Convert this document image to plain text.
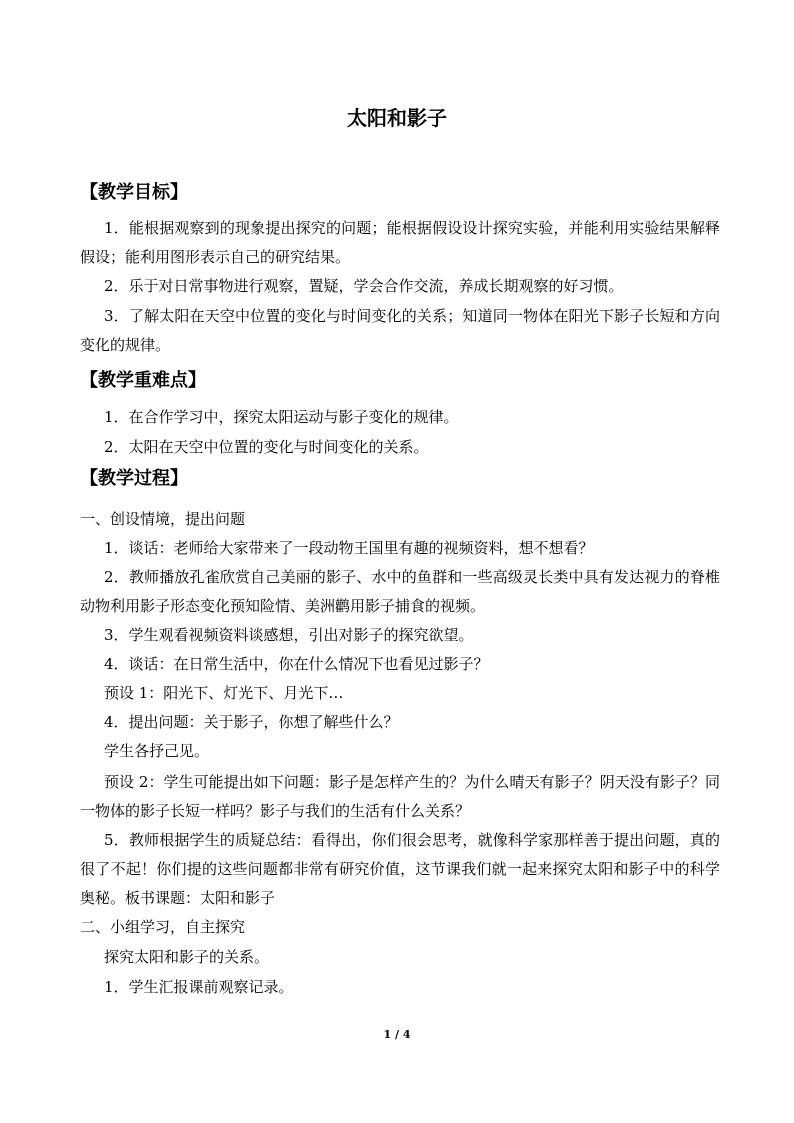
太阳和影子
【教学目标】
1．能根据观察到的现象提出探究的问题；能根据假设设计探究实验，并能利用实验结果解释假设；能利用图形表示自己的研究结果。
2．乐于对日常事物进行观察，置疑，学会合作交流，养成长期观察的好习惯。
3．了解太阳在天空中位置的变化与时间变化的关系；知道同一物体在阳光下影子长短和方向变化的规律。
【教学重难点】
1．在合作学习中，探究太阳运动与影子变化的规律。
2．太阳在天空中位置的变化与时间变化的关系。
【教学过程】
一、创设情境，提出问题
1．谈话：老师给大家带来了一段动物王国里有趣的视频资料，想不想看？
2．教师播放孔雀欣赏自己美丽的影子、水中的鱼群和一些高级灵长类中具有发达视力的脊椎动物利用影子形态变化预知险情、美洲鹳用影子捕食的视频。
3．学生观看视频资料谈感想，引出对影子的探究欲望。
4．谈话：在日常生活中，你在什么情况下也看见过影子？
预设 1：阳光下、灯光下、月光下…
4．提出问题：关于影子，你想了解些什么？
学生各抒己见。
预设 2：学生可能提出如下问题：影子是怎样产生的？为什么晴天有影子？阴天没有影子？同一物体的影子长短一样吗？影子与我们的生活有什么关系？
5．教师根据学生的质疑总结：看得出，你们很会思考，就像科学家那样善于提出问题，真的很了不起！你们提的这些问题都非常有研究价值，这节课我们就一起来探究太阳和影子中的科学奥秘。板书课题：太阳和影子
二、小组学习，自主探究
探究太阳和影子的关系。
1．学生汇报课前观察记录。
1 / 4
